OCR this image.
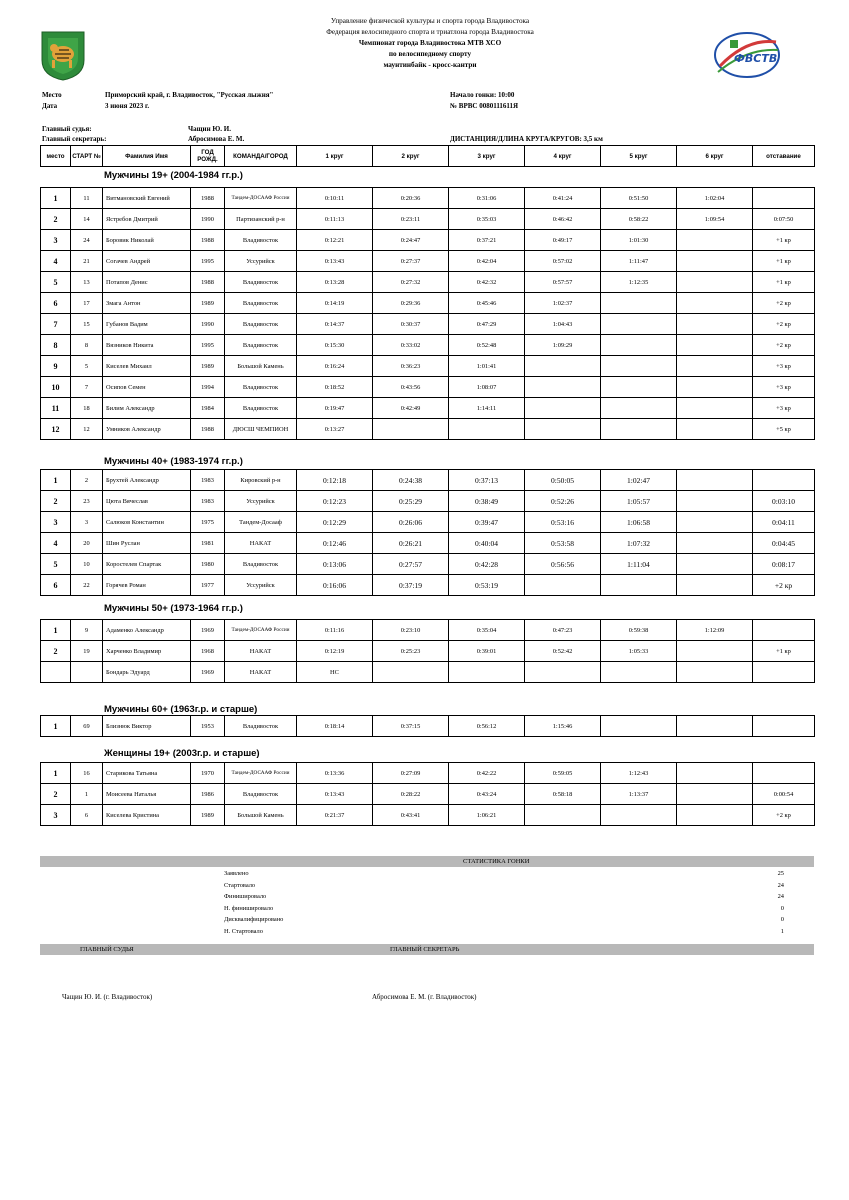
Управление физической культуры и спорта города Владивостока
Федерация велосипедного спорта и триатлона города Владивостока
Чемпионат города Владивостока МТВ ХСО
по велосипедному спорту
маунтинбайк - кросс-кантри	ФВСТВ
Место	Приморский край, г. Владивосток, "Русская лыжня"
Дата	3 июня 2023 г.
Начало гонки: 10:00
№ ВРВС 0080111611Я
Главный судья:	Чащин Ю. И.
Главный секретарь:	Абросимова Е. М.	ДИСТАНЦИЯ/ДЛИНА КРУГА/КРУГОВ: 3,5 км
место	СТАРТ №	Фамилия Имя	ГОД РОЖД.	КОМАНДА/ГОРОД	1 круг	2 круг	3 круг	4 круг	5 круг	6 круг	отставание
Мужчины 19+ (2004-1984 гг.р.)
1	11	Витмановский Евгений	1988	Тандем-ДОСААФ России	0:10:11	0:20:36	0:31:06	0:41:24	0:51:50	1:02:04	
2	14	Ястребов Дмитрий	1990	Партизанский р-н	0:11:13	0:23:11	0:35:03	0:46:42	0:58:22	1:09:54	0:07:50
3	24	Боровик Николай	1988	Владивосток	0:12:21	0:24:47	0:37:21	0:49:17	1:01:30		+1 кр
4	21	Согачев Андрей	1995	Уссурийск	0:13:43	0:27:37	0:42:04	0:57:02	1:11:47		+1 кр
5	13	Потапов Денис	1988	Владивосток	0:13:28	0:27:32	0:42:32	0:57:57	1:12:35		+1 кр
6	17	Змага Антон	1989	Владивосток	0:14:19	0:29:36	0:45:46	1:02:37			+2 кр
7	15	Губанов Вадим	1990	Владивосток	0:14:37	0:30:37	0:47:29	1:04:43			+2 кр
8	8	Вязников Никита	1995	Владивосток	0:15:30	0:33:02	0:52:48	1:09:29			+2 кр
9	5	Киселев Михаил	1989	Большой Камень	0:16:24	0:36:23	1:01:41				+3 кр
10	7	Осипов Семен	1994	Владивосток	0:18:52	0:43:56	1:08:07				+3 кр
11	18	Билим Александр	1984	Владивосток	0:19:47	0:42:49	1:14:11				+3 кр
12	12	Умников Александр	1988	ДЮСШ ЧЕМПИОН	0:13:27						+5 кр
Мужчины 40+ (1983-1974 гг.р.)
1	2	Брухтей Александр	1983	Кировский р-н	0:12:18	0:24:38	0:37:13	0:50:05	1:02:47		
2	23	Цюта Вячеслав	1983	Уссурийск	0:12:23	0:25:29	0:38:49	0:52:26	1:05:57		0:03:10
3	3	Салюков Константин	1975	Тандем-Досааф	0:12:29	0:26:06	0:39:47	0:53:16	1:06:58		0:04:11
4	20	Шин Руслан	1981	НАКАТ	0:12:46	0:26:21	0:40:04	0:53:58	1:07:32		0:04:45
5	10	Коростелев Спартак	1980	Владивосток	0:13:06	0:27:57	0:42:28	0:56:56	1:11:04		0:08:17
6	22	Горячев Роман	1977	Уссурийск	0:16:06	0:37:19	0:53:19				+2 кр
Мужчины 50+ (1973-1964 гг.р.)
1	9	Адаменко Александр	1969	Тандем-ДОСААФ России	0:11:16	0:23:10	0:35:04	0:47:23	0:59:38	1:12:09	
2	19	Харченко Владимир	1968	НАКАТ	0:12:19	0:25:23	0:39:01	0:52:42	1:05:33		+1 кр
		Бондарь Эдуард	1969	НАКАТ	НС						
Мужчины 60+ (1963г.р. и старше)
1	69	Близнюк Виктор	1953	Владивосток	0:18:14	0:37:15	0:56:12	1:15:46			
Женщины 19+ (2003г.р. и старше)
1	16	Старикова Татьяна	1970	Тандем-ДОСААФ России	0:13:36	0:27:09	0:42:22	0:59:05	1:12:43		
2	1	Моисеева Наталья	1986	Владивосток	0:13:43	0:28:22	0:43:24	0:58:18	1:13:37		0:00:54
3	6	Киселева Кристина	1989	Большой Камень	0:21:37	0:43:41	1:06:21				+2 кр
СТАТИСТИКА ГОНКИ
Заявлено	25
Стартовало	24
Финишировало	24
Н. финишировало	0
Дисквалифицировано	0
Н. Стартовало	1
ГЛАВНЫЙ СУДЬЯ	ГЛАВНЫЙ СЕКРЕТАРЬ
Чащин Ю. И. (г. Владивосток)	Абросимова Е. М. (г. Владивосток)
